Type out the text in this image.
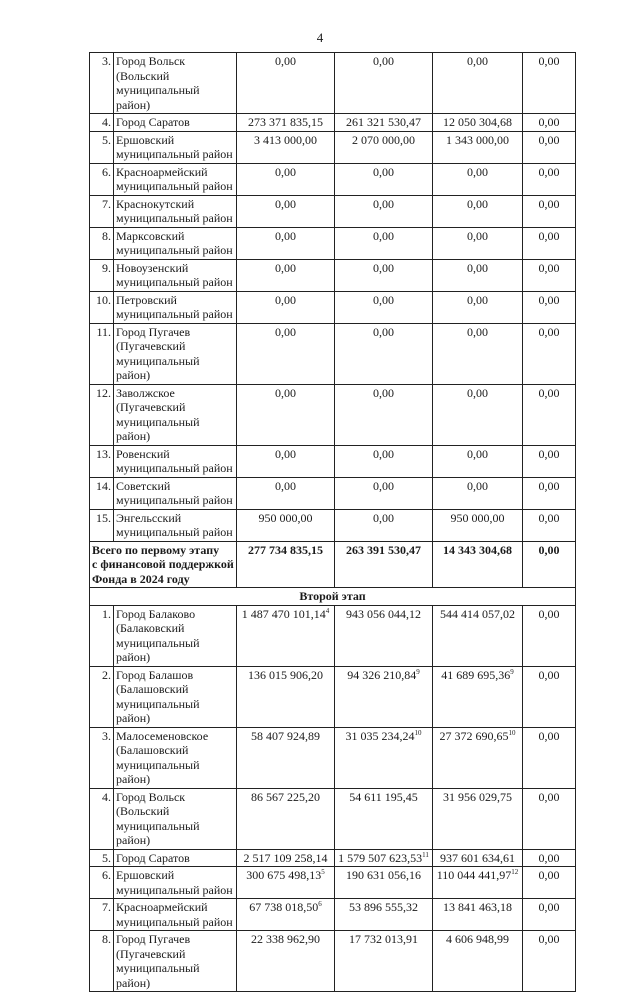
4
3.	Город Вольск
(Вольский
муниципальный район)	0,00	0,00	0,00	0,00
4.	Город Саратов	273 371 835,15	261 321 530,47	12 050 304,68	0,00
5.	Ершовский
муниципальный район	3 413 000,00	2 070 000,00	1 343 000,00	0,00
6.	Красноармейский
муниципальный район	0,00	0,00	0,00	0,00
7.	Краснокутский
муниципальный район	0,00	0,00	0,00	0,00
8.	Марксовский
муниципальный район	0,00	0,00	0,00	0,00
9.	Новоузенский
муниципальный район	0,00	0,00	0,00	0,00
10.	Петровский
муниципальный район	0,00	0,00	0,00	0,00
11.	Город Пугачев
(Пугачевский
муниципальный район)	0,00	0,00	0,00	0,00
12.	Заволжское
(Пугачевский
муниципальный район)	0,00	0,00	0,00	0,00
13.	Ровенский
муниципальный район	0,00	0,00	0,00	0,00
14.	Советский
муниципальный район	0,00	0,00	0,00	0,00
15.	Энгельсский
муниципальный район	950 000,00	0,00	950 000,00	0,00
Всего по первому этапу
с финансовой поддержкой
Фонда в 2024 году		277 734 835,15	263 391 530,47	14 343 304,68	0,00
Второй этап					
1.	Город Балаково
(Балаковский
муниципальный район)	1 487 470 101,14$^4$	943 056 044,12	544 414 057,02	0,00
2.	Город Балашов
(Балашовский
муниципальный район)	136 015 906,20	94 326 210,84$^9$	41 689 695,36$^9$	0,00
3.	Малосеменовское
(Балашовский
муниципальный район)	58 407 924,89	31 035 234,24$^{10}$	27 372 690,65$^{10}$	0,00
4.	Город Вольск
(Вольский
муниципальный район)	86 567 225,20	54 611 195,45	31 956 029,75	0,00
5.	Город Саратов	2 517 109 258,14	1 579 507 623,53$^{11}$	937 601 634,61	0,00
6.	Ершовский
муниципальный район	300 675 498,13$^5$	190 631 056,16	110 044 441,97$^{12}$	0,00
7.	Красноармейский
муниципальный район	67 738 018,50$^6$	53 896 555,32	13 841 463,18	0,00
8.	Город Пугачев
(Пугачевский
муниципальный район)	22 338 962,90	17 732 013,91	4 606 948,99	0,00
